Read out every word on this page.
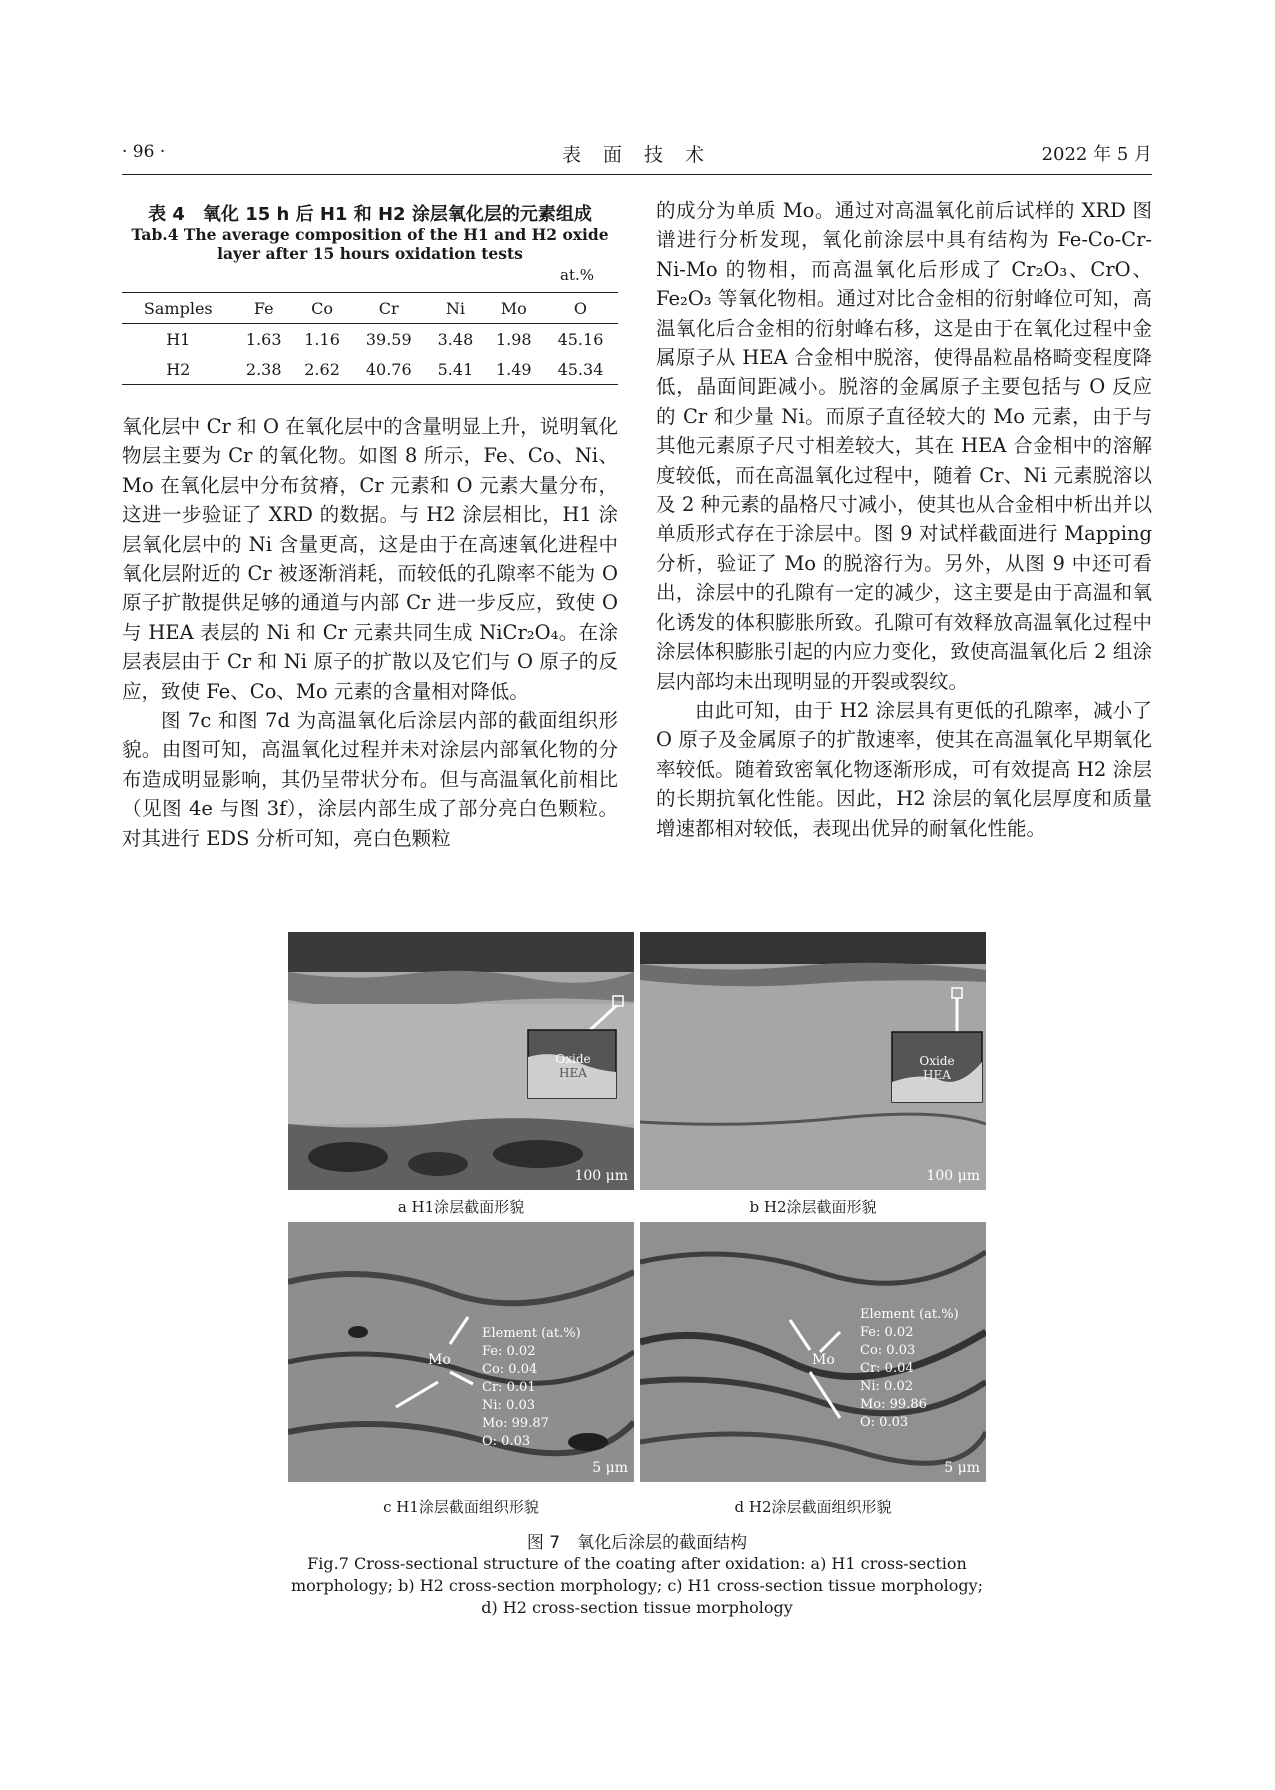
· 96 ·	表 面 技 术	2022 年 5 月
表 4　氧化 15 h 后 H1 和 H2 涂层氧化层的元素组成
Tab.4 The average composition of the H1 and H2 oxide
layer after 15 hours oxidation tests
at.%
Samples	Fe	Co	Cr	Ni	Mo	O
H1	1.63	1.16	39.59	3.48	1.98	45.16
H2	2.38	2.62	40.76	5.41	1.49	45.34

氧化层中 Cr 和 O 在氧化层中的含量明显上升，说明氧化物层主要为 Cr 的氧化物。如图 8 所示，Fe、Co、Ni、Mo 在氧化层中分布贫瘠，Cr 元素和 O 元素大量分布，这进一步验证了 XRD 的数据。与 H2 涂层相比，H1 涂层氧化层中的 Ni 含量更高，这是由于在高速氧化进程中氧化层附近的 Cr 被逐渐消耗，而较低的孔隙率不能为 O 原子扩散提供足够的通道与内部 Cr 进一步反应，致使 O 与 HEA 表层的 Ni 和 Cr 元素共同生成 NiCr₂O₄。在涂层表层由于 Cr 和 Ni 原子的扩散以及它们与 O 原子的反应，致使 Fe、Co、Mo 元素的含量相对降低。

图 7c 和图 7d 为高温氧化后涂层内部的截面组织形貌。由图可知，高温氧化过程并未对涂层内部氧化物的分布造成明显影响，其仍呈带状分布。但与高温氧化前相比（见图 4e 与图 3f），涂层内部生成了部分亮白色颗粒。对其进行 EDS 分析可知，亮白色颗粒

的成分为单质 Mo。通过对高温氧化前后试样的 XRD 图谱进行分析发现，氧化前涂层中具有结构为 Fe-Co-Cr-Ni-Mo 的物相，而高温氧化后形成了 Cr₂O₃、CrO、Fe₂O₃ 等氧化物相。通过对比合金相的衍射峰位可知，高温氧化后合金相的衍射峰右移，这是由于在氧化过程中金属原子从 HEA 合金相中脱溶，使得晶粒晶格畸变程度降低，晶面间距减小。脱溶的金属原子主要包括与 O 反应的 Cr 和少量 Ni。而原子直径较大的 Mo 元素，由于与其他元素原子尺寸相差较大，其在 HEA 合金相中的溶解度较低，而在高温氧化过程中，随着 Cr、Ni 元素脱溶以及 2 种元素的晶格尺寸减小，使其也从合金相中析出并以单质形式存在于涂层中。图 9 对试样截面进行 Mapping 分析，验证了 Mo 的脱溶行为。另外，从图 9 中还可看出，涂层中的孔隙有一定的减少，这主要是由于高温和氧化诱发的体积膨胀所致。孔隙可有效释放高温氧化过程中涂层体积膨胀引起的内应力变化，致使高温氧化后 2 组涂层内部均未出现明显的开裂或裂纹。

由此可知，由于 H2 涂层具有更低的孔隙率，减小了 O 原子及金属原子的扩散速率，使其在高温氧化早期氧化率较低。随着致密氧化物逐渐形成，可有效提高 H2 涂层的长期抗氧化性能。因此，H2 涂层的氧化层厚度和质量增速都相对较低，表现出优异的耐氧化性能。

Oxide
HEA
100 μm
a H1涂层截面形貌
Oxide
HEA
100 μm
b H2涂层截面形貌
Mo
Element (at.%)
Fe: 0.02
Co: 0.04
Cr: 0.01
Ni: 0.03
Mo: 99.87
O: 0.03
5 μm
c H1涂层截面组织形貌
Mo
Element (at.%)
Fe: 0.02
Co: 0.03
Cr: 0.04
Ni: 0.02
Mo: 99.86
O: 0.03
5 μm
d H2涂层截面组织形貌
图 7　氧化后涂层的截面结构
Fig.7 Cross-sectional structure of the coating after oxidation: a) H1 cross-section
morphology; b) H2 cross-section morphology; c) H1 cross-section tissue morphology;
d) H2 cross-section tissue morphology
